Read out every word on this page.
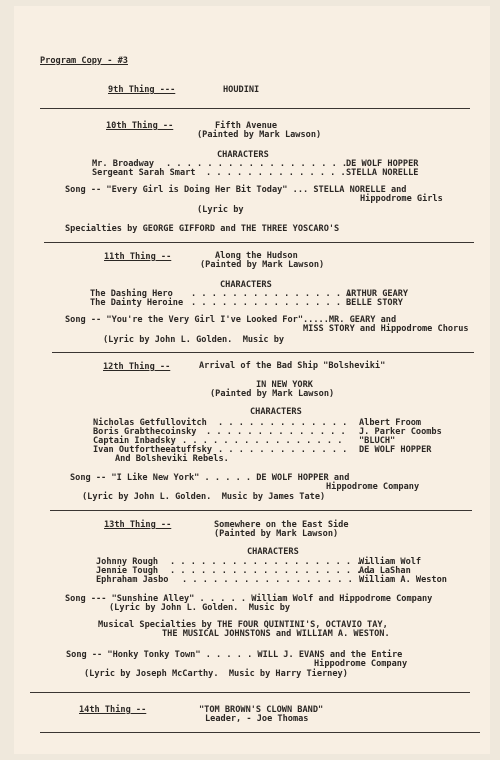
Program Copy - #3
9th Thing ---	HOUDINI
10th Thing --	Fifth Avenue
(Painted by Mark Lawson)
CHARACTERS
Mr. Broadway . . . . . . . . . . . . . . . . . . .
DE WOLF HOPPER
Sergeant Sarah Smart . . . . . . . . . . . . . . .
STELLA NORELLE
Song -- "Every Girl is Doing Her Bit Today" ... STELLA NORELLE and
Hippodrome Girls
(Lyric by
Specialties by GEORGE GIFFORD and THE THREE YOSCARO'S
11th Thing --	Along the Hudson
(Painted by Mark Lawson)
CHARACTERS
The Dashing Hero . . . . . . . . . . . . . . . .
ARTHUR GEARY
The Dainty Heroine . . . . . . . . . . . . . . . .
BELLE STORY
Song -- "You're the Very Girl I've Looked For".....MR. GEARY and
MISS STORY and Hippodrome Chorus
(Lyric by John L. Golden.  Music by
12th Thing --	Arrival of the Bad Ship "Bolsheviki"
IN NEW YORK
(Painted by Mark Lawson)
CHARACTERS
Nicholas Getfullovitch . . . . . . . . . . . . . Albert Froom
Boris Grabthecoinsky . . . . . . . . . . . . . . J. Parker Coombs
Captain Inbadsky . . . . . . . . . . . . . . . . "BLUCH"
Ivan Outfortheeatuffsky . . . . . . . . . . . . . DE WOLF HOPPER
And Bolsheviki Rebels.
Song -- "I Like New York" . . . . . DE WOLF HOPPER and
Hippodrome Company
(Lyric by John L. Golden.  Music by James Tate)
13th Thing --	Somewhere on the East Side
(Painted by Mark Lawson)
CHARACTERS
Johnny Rough . . . . . . . . . . . . . . . . . . . .
William Wolf
Jennie Tough . . . . . . . . . . . . . . . . . . . .
Ada LaShan
Ephraham Jasbo . . . . . . . . . . . . . . . . . . .
William A. Weston
Song --- "Sunshine Alley" . . . . . William Wolf and Hippodrome Company
(Lyric by John L. Golden.  Music by
Musical Specialties by THE FOUR QUINTINI'S, OCTAVIO TAY,
THE MUSICAL JOHNSTONS and WILLIAM A. WESTON.
Song -- "Honky Tonky Town" . . . . . WILL J. EVANS and the Entire
Hippodrome Company
(Lyric by Joseph McCarthy.  Music by Harry Tierney)
14th Thing --	"TOM BROWN'S CLOWN BAND"
Leader, - Joe Thomas
